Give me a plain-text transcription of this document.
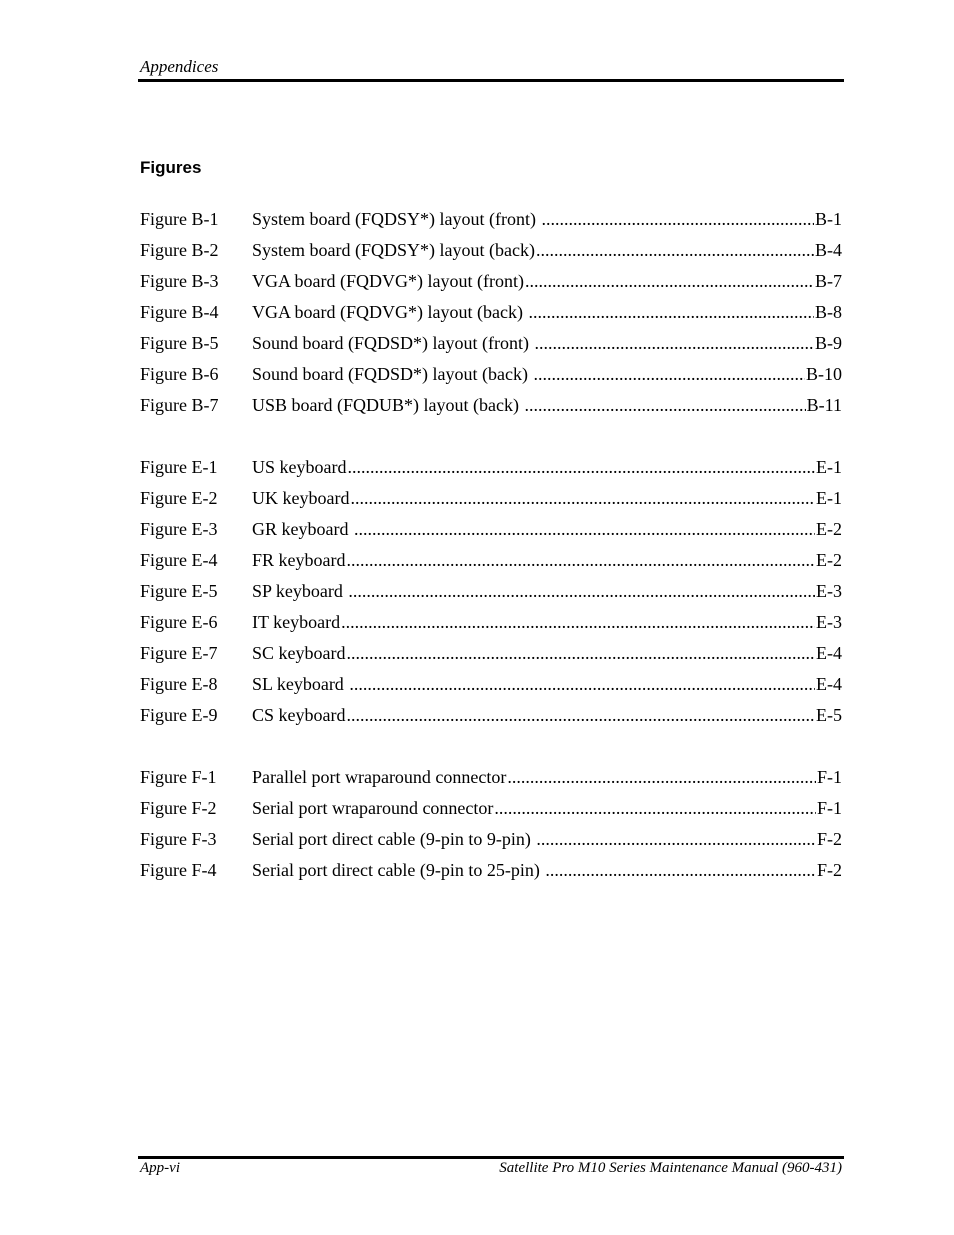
Appendices
Figures
Figure B-1	System board (FQDSY*) layout (front) .....	B-1
Figure B-2	System board (FQDSY*) layout (back) .....	B-4
Figure B-3	VGA board (FQDVG*) layout (front) .....	B-7
Figure B-4	VGA board (FQDVG*) layout (back) .....	B-8
Figure B-5	Sound board (FQDSD*) layout (front) .....	B-9
Figure B-6	Sound board (FQDSD*) layout (back) .....	B-10
Figure B-7	USB board (FQDUB*) layout (back) .....	B-11
Figure E-1	US keyboard .....	E-1
Figure E-2	UK keyboard .....	E-1
Figure E-3	GR keyboard .....	E-2
Figure E-4	FR keyboard .....	E-2
Figure E-5	SP keyboard .....	E-3
Figure E-6	IT keyboard .....	E-3
Figure E-7	SC keyboard .....	E-4
Figure E-8	SL keyboard .....	E-4
Figure E-9	CS keyboard .....	E-5
Figure F-1	Parallel port wraparound connector .....	F-1
Figure F-2	Serial port wraparound connector .....	F-1
Figure F-3	Serial port direct cable (9-pin to 9-pin) .....	F-2
Figure F-4	Serial port direct cable (9-pin to 25-pin) .....	F-2
App-vi	Satellite Pro M10 Series Maintenance Manual (960-431)
